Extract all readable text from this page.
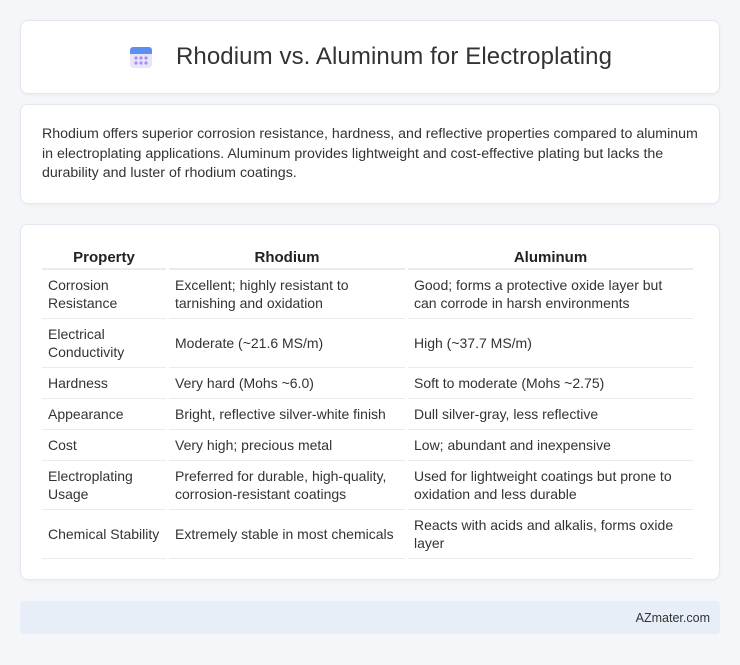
Rhodium vs. Aluminum for Electroplating

Rhodium offers superior corrosion resistance, hardness, and reflective properties compared to aluminum in electroplating applications. Aluminum provides lightweight and cost-effective plating but lacks the durability and luster of rhodium coatings.

Property	Rhodium	Aluminum
Corrosion Resistance	Excellent; highly resistant to tarnishing and oxidation	Good; forms a protective oxide layer but can corrode in harsh environments
Electrical Conductivity	Moderate (~21.6 MS/m)	High (~37.7 MS/m)
Hardness	Very hard (Mohs ~6.0)	Soft to moderate (Mohs ~2.75)
Appearance	Bright, reflective silver-white finish	Dull silver-gray, less reflective
Cost	Very high; precious metal	Low; abundant and inexpensive
Electroplating Usage	Preferred for durable, high-quality, corrosion-resistant coatings	Used for lightweight coatings but prone to oxidation and less durable
Chemical Stability	Extremely stable in most chemicals	Reacts with acids and alkalis, forms oxide layer
AZmater.com
